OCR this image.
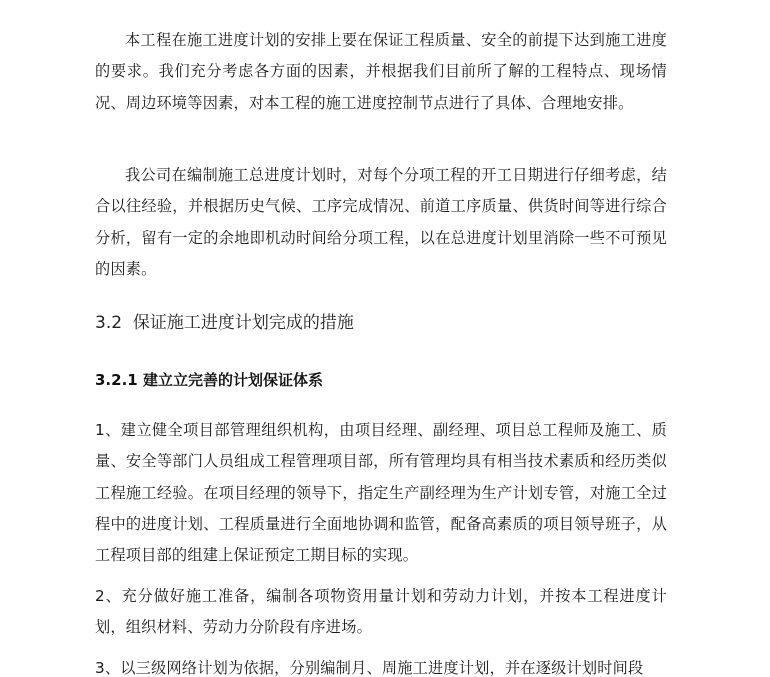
本工程在施工进度计划的安排上要在保证工程质量、安全的前提下达到施工进度的要求。我们充分考虑各方面的因素，并根据我们目前所了解的工程特点、现场情况、周边环境等因素，对本工程的施工进度控制节点进行了具体、合理地安排。

我公司在编制施工总进度计划时，对每个分项工程的开工日期进行仔细考虑，结合以往经验，并根据历史气候、工序完成情况、前道工序质量、供货时间等进行综合分析，留有一定的余地即机动时间给分项工程，以在总进度计划里消除一些不可预见的因素。

3.2 保证施工进度计划完成的措施
3.2.1 建立立完善的计划保证体系

1、建立健全项目部管理组织机构，由项目经理、副经理、项目总工程师及施工、质量、安全等部门人员组成工程管理项目部，所有管理均具有相当技术素质和经历类似工程施工经验。在项目经理的领导下，指定生产副经理为生产计划专管，对施工全过程中的进度计划、工程质量进行全面地协调和监管，配备高素质的项目领导班子，从工程项目部的组建上保证预定工期目标的实现。

2、充分做好施工准备，编制各项物资用量计划和劳动力计划，并按本工程进度计划，组织材料、劳动力分阶段有序进场。

3、以三级网络计划为依据，分别编制月、周施工进度计划，并在逐级计划时间段
